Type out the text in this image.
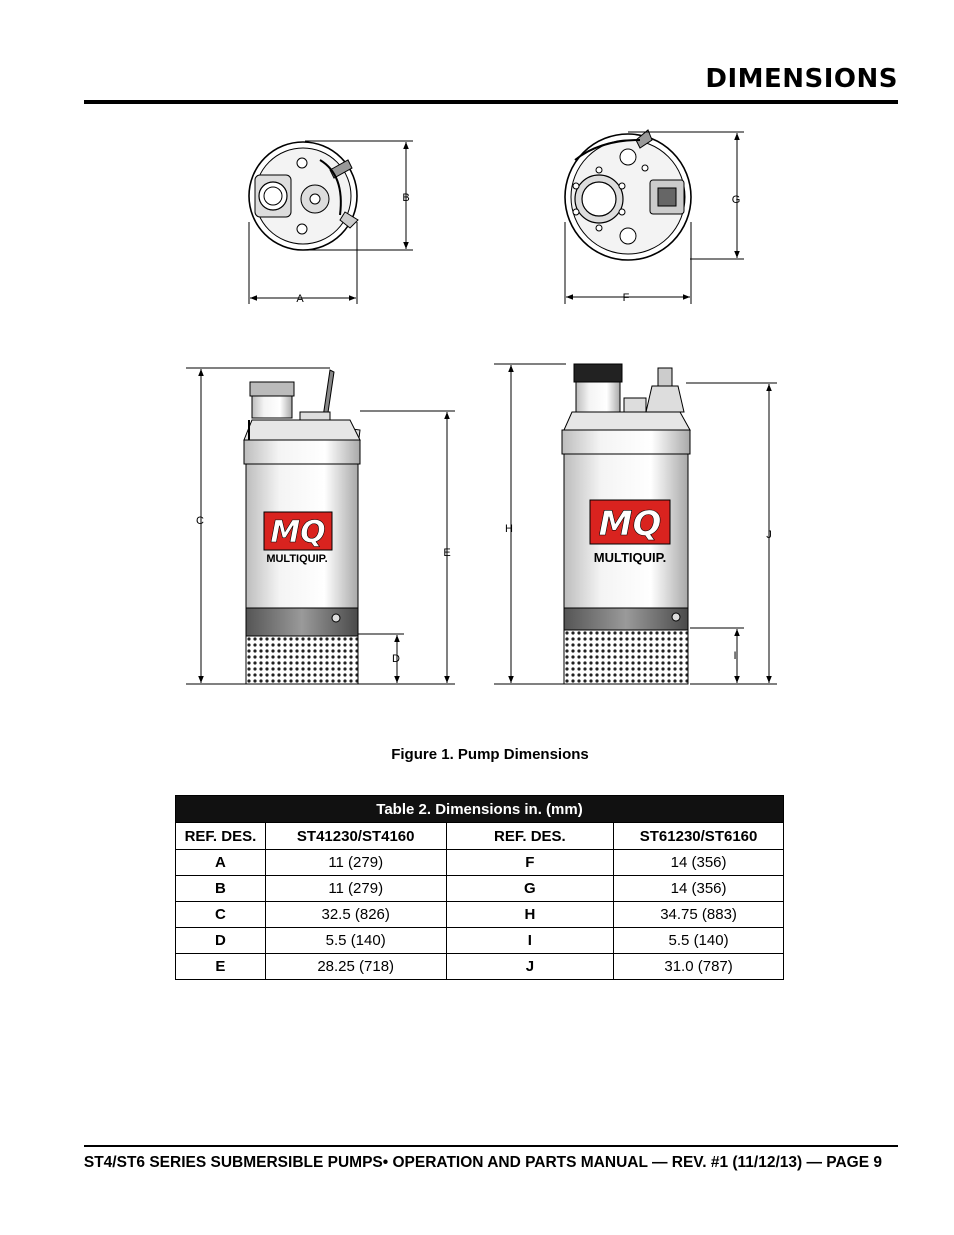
DIMENSIONS
A
B
F
G
MQ
MULTIQUIP.
C
E
D
MQ
MULTIQUIP.
H	J
I
Figure 1. Pump Dimensions
Table 2. Dimensions in. (mm)			
REF. DES.	ST41230/ST4160	REF. DES.	ST61230/ST6160
A	11 (279)	F	14 (356)
B	11 (279)	G	14 (356)
C	32.5 (826)	H	34.75 (883)
D	5.5 (140)	I	5.5 (140)
E	28.25 (718)	J	31.0 (787)
ST4/ST6 SERIES SUBMERSIBLE PUMPS• OPERATION AND PARTS MANUAL — REV. #1 (11/12/13) — PAGE 9
